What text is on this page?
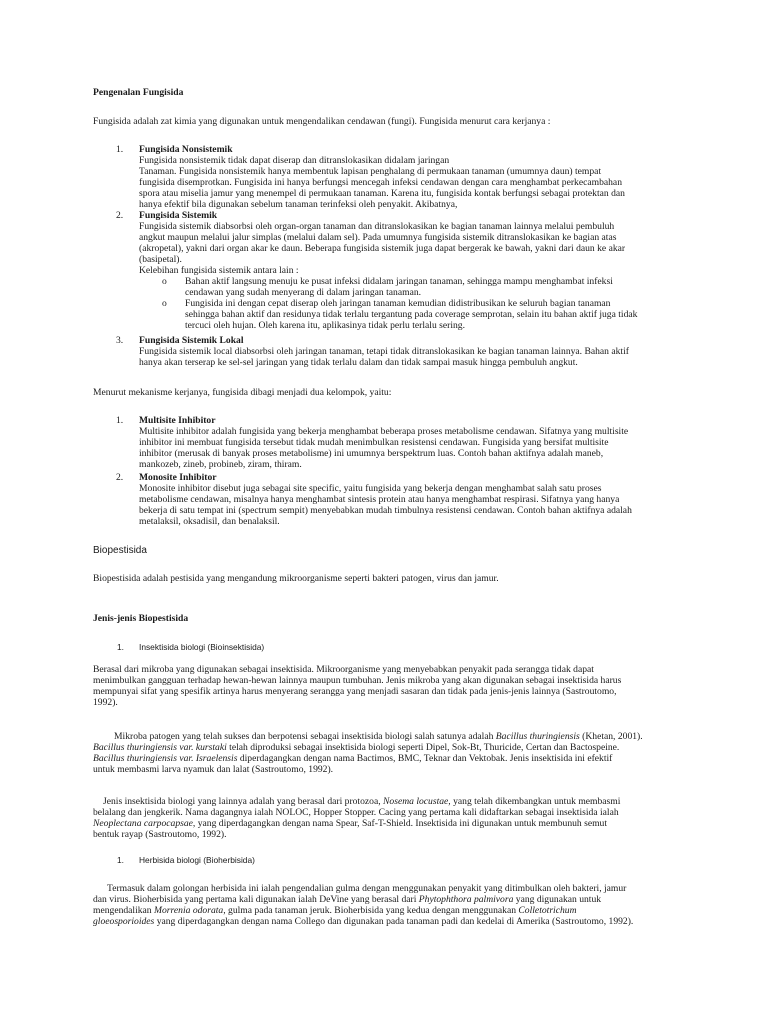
Pengenalan Fungisida
Fungisida adalah zat kimia yang digunakan untuk mengendalikan cendawan (fungi). Fungisida menurut cara kerjanya :
1. Fungisida Nonsistemik
Fungisida nonsistemik tidak dapat diserap dan ditranslokasikan didalam jaringan
Tanaman. Fungisida nonsistemik hanya membentuk lapisan penghalang di permukaan tanaman (umumnya daun) tempat
fungisida disemprotkan. Fungisida ini hanya berfungsi mencegah infeksi cendawan dengan cara menghambat perkecambahan
spora atau miselia jamur yang menempel di permukaan tanaman. Karena itu, fungisida kontak berfungsi sebagai protektan dan
hanya efektif bila digunakan sebelum tanaman terinfeksi oleh penyakit. Akibatnya,
2. Fungisida Sistemik
Fungisida sistemik diabsorbsi oleh organ-organ tanaman dan ditranslokasikan ke bagian tanaman lainnya melalui pembuluh
angkut maupun melalui jalur simplas (melalui dalam sel). Pada umumnya fungisida sistemik ditranslokasikan ke bagian atas
(akropetal), yakni dari organ akar ke daun. Beberapa fungisida sistemik juga dapat bergerak ke bawah, yakni dari daun ke akar
(basipetal).
Kelebihan fungisida sistemik antara lain :
o Bahan aktif langsung menuju ke pusat infeksi didalam jaringan tanaman, sehingga mampu menghambat infeksi
cendawan yang sudah menyerang di dalam jaringan tanaman.
o Fungisida ini dengan cepat diserap oleh jaringan tanaman kemudian didistribusikan ke seluruh bagian tanaman
sehingga bahan aktif dan residunya tidak terlalu tergantung pada coverage semprotan, selain itu bahan aktif juga tidak
tercuci oleh hujan. Oleh karena itu, aplikasinya tidak perlu terlalu sering.
3. Fungisida Sistemik Lokal
Fungisida sistemik local diabsorbsi oleh jaringan tanaman, tetapi tidak ditranslokasikan ke bagian tanaman lainnya. Bahan aktif
hanya akan terserap ke sel-sel jaringan yang tidak terlalu dalam dan tidak sampai masuk hingga pembuluh angkut.
Menurut mekanisme kerjanya, fungisida dibagi menjadi dua kelompok, yaitu:
1. Multisite Inhibitor
Multisite inhibitor adalah fungisida yang bekerja menghambat beberapa proses metabolisme cendawan. Sifatnya yang multisite
inhibitor ini membuat fungisida tersebut tidak mudah menimbulkan resistensi cendawan. Fungisida yang bersifat multisite
inhibitor (merusak di banyak proses metabolisme) ini umumnya berspektrum luas. Contoh bahan aktifnya adalah maneb,
mankozeb, zineb, probineb, ziram, thiram.
2. Monosite Inhibitor
Monosite inhibitor disebut juga sebagai site specific, yaitu fungisida yang bekerja dengan menghambat salah satu proses
metabolisme cendawan, misalnya hanya menghambat sintesis protein atau hanya menghambat respirasi. Sifatnya yang hanya
bekerja di satu tempat ini (spectrum sempit) menyebabkan mudah timbulnya resistensi cendawan. Contoh bahan aktifnya adalah
metalaksil, oksadisil, dan benalaksil.
Biopestisida
Biopestisida adalah pestisida yang mengandung mikroorganisme seperti bakteri patogen, virus dan jamur.
Jenis-jenis Biopestisida
1. Insektisida biologi (Bioinsektisida)
Berasal dari mikroba yang digunakan sebagai insektisida. Mikroorganisme yang menyebabkan penyakit pada serangga tidak dapat
menimbulkan gangguan terhadap hewan-hewan lainnya maupun tumbuhan. Jenis mikroba yang akan digunakan sebagai insektisida harus
mempunyai sifat yang spesifik artinya harus menyerang serangga yang menjadi sasaran dan tidak pada jenis-jenis lainnya (Sastroutomo,
1992).
Mikroba patogen yang telah sukses dan berpotensi sebagai insektisida biologi salah satunya adalah Bacillus thuringiensis (Khetan, 2001).
Bacillus thuringiensis var. kurstaki telah diproduksi sebagai insektisida biologi seperti Dipel, Sok-Bt, Thuricide, Certan dan Bactospeine.
Bacillus thuringiensis var. Israelensis diperdagangkan dengan nama Bactimos, BMC, Teknar dan Vektobak. Jenis insektisida ini efektif
untuk membasmi larva nyamuk dan lalat (Sastroutomo, 1992).
Jenis insektisida biologi yang lainnya adalah yang berasal dari protozoa, Nosema locustae, yang telah dikembangkan untuk membasmi
belalang dan jengkerik. Nama dagangnya ialah NOLOC, Hopper Stopper. Cacing yang pertama kali didaftarkan sebagai insektisida ialah
Neoplectana carpocapsae, yang diperdagangkan dengan nama Spear, Saf-T-Shield. Insektisida ini digunakan untuk membunuh semut
bentuk rayap (Sastroutomo, 1992).
1. Herbisida biologi (Bioherbisida)
Termasuk dalam golongan herbisida ini ialah pengendalian gulma dengan menggunakan penyakit yang ditimbulkan oleh bakteri, jamur
dan virus. Bioherbisida yang pertama kali digunakan ialah DeVine yang berasal dari Phytophthora palmivora yang digunakan untuk
mengendalikan Morrenia odorata, gulma pada tanaman jeruk. Bioherbisida yang kedua dengan menggunakan Colletotrichum
gloeosporioides yang diperdagangkan dengan nama Collego dan digunakan pada tanaman padi dan kedelai di Amerika (Sastroutomo, 1992).
